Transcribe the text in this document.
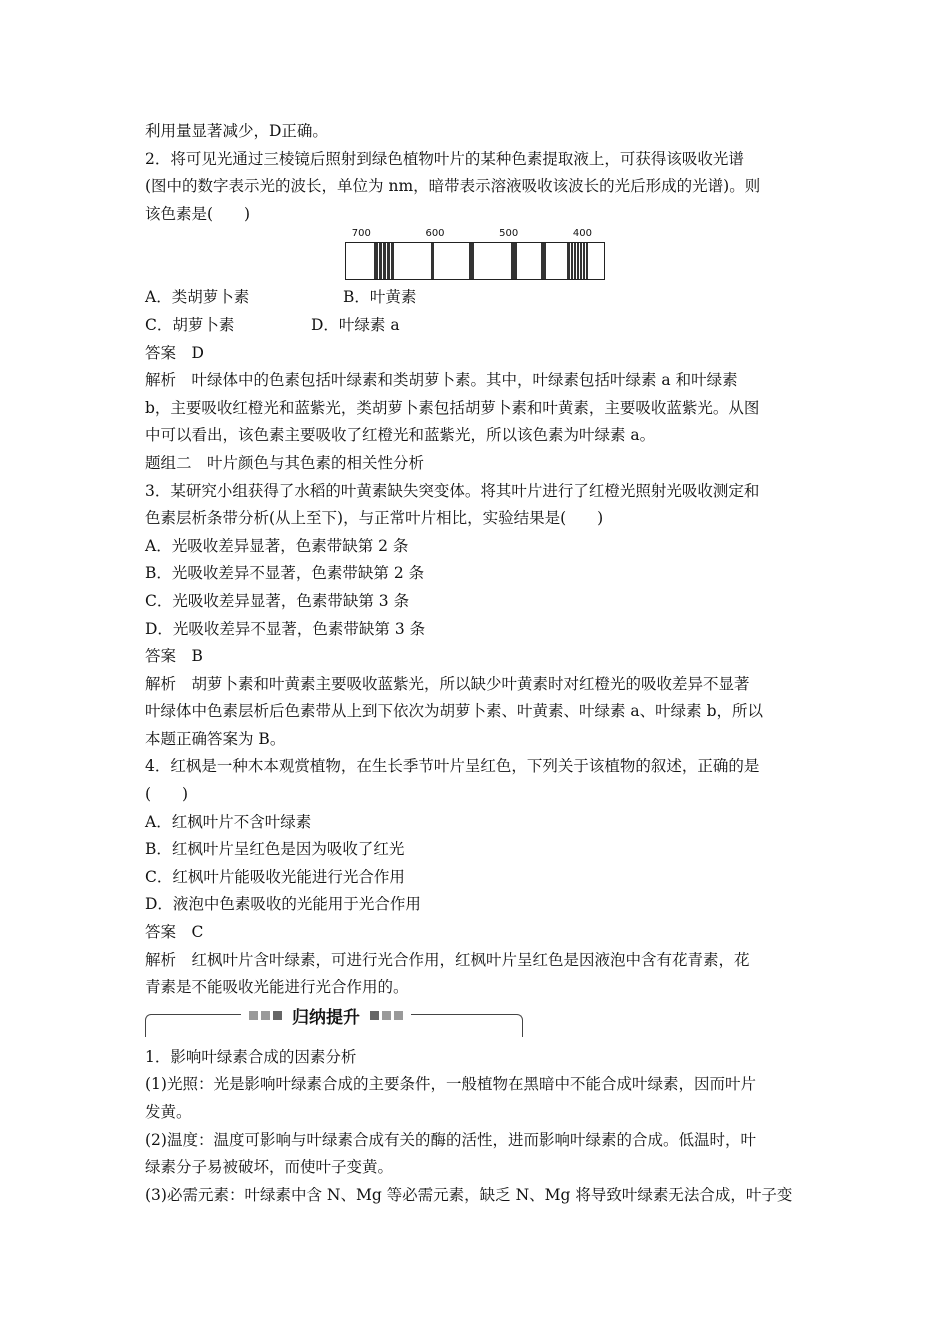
利用量显著减少，D正确。
2．将可见光通过三棱镜后照射到绿色植物叶片的某种色素提取液上，可获得该吸收光谱
(图中的数字表示光的波长，单位为 nm，暗带表示溶液吸收该波长的光后形成的光谱)。则
该色素是(　　)
700	600	500	400
A．类胡萝卜素	B．叶黄素
C．胡萝卜素	D．叶绿素 a
答案　D
解析　叶绿体中的色素包括叶绿素和类胡萝卜素。其中，叶绿素包括叶绿素 a 和叶绿素
b，主要吸收红橙光和蓝紫光，类胡萝卜素包括胡萝卜素和叶黄素，主要吸收蓝紫光。从图
中可以看出，该色素主要吸收了红橙光和蓝紫光，所以该色素为叶绿素 a。
题组二　叶片颜色与其色素的相关性分析
3．某研究小组获得了水稻的叶黄素缺失突变体。将其叶片进行了红橙光照射光吸收测定和
色素层析条带分析(从上至下)，与正常叶片相比，实验结果是(　　)
A．光吸收差异显著，色素带缺第 2 条
B．光吸收差异不显著，色素带缺第 2 条
C．光吸收差异显著，色素带缺第 3 条
D．光吸收差异不显著，色素带缺第 3 条
答案　B
解析　胡萝卜素和叶黄素主要吸收蓝紫光，所以缺少叶黄素时对红橙光的吸收差异不显著
叶绿体中色素层析后色素带从上到下依次为胡萝卜素、叶黄素、叶绿素 a、叶绿素 b，所以
本题正确答案为 B。
4．红枫是一种木本观赏植物，在生长季节叶片呈红色，下列关于该植物的叙述，正确的是
(　　)
A．红枫叶片不含叶绿素
B．红枫叶片呈红色是因为吸收了红光
C．红枫叶片能吸收光能进行光合作用
D．液泡中色素吸收的光能用于光合作用
答案　C
解析　红枫叶片含叶绿素，可进行光合作用，红枫叶片呈红色是因液泡中含有花青素，花
青素是不能吸收光能进行光合作用的。
归纳提升
1．影响叶绿素合成的因素分析
(1)光照：光是影响叶绿素合成的主要条件，一般植物在黑暗中不能合成叶绿素，因而叶片
发黄。
(2)温度：温度可影响与叶绿素合成有关的酶的活性，进而影响叶绿素的合成。低温时，叶
绿素分子易被破坏，而使叶子变黄。
(3)必需元素：叶绿素中含 N、Mg 等必需元素，缺乏 N、Mg 将导致叶绿素无法合成，叶子变
